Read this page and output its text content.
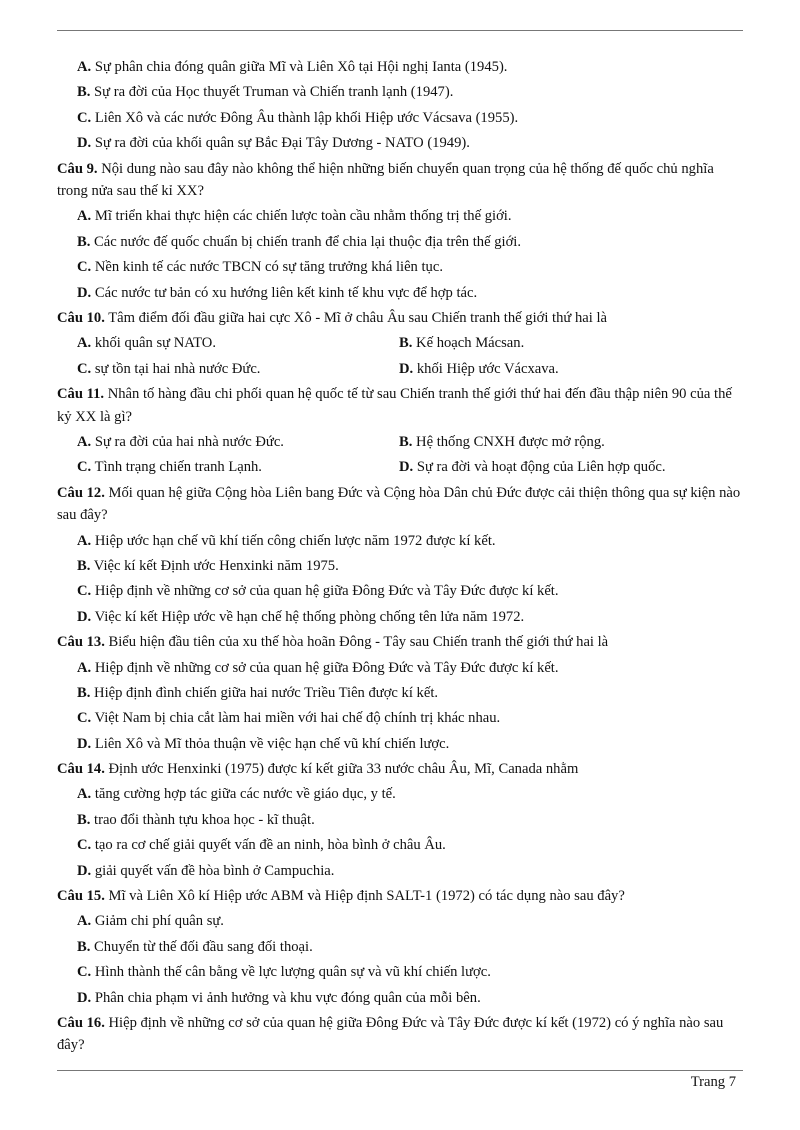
A. Sự phân chia đóng quân giữa Mĩ và Liên Xô tại Hội nghị Ianta (1945).
B. Sự ra đời của Học thuyết Truman và Chiến tranh lạnh (1947).
C. Liên Xô và các nước Đông Âu thành lập khối Hiệp ước Vácsava (1955).
D. Sự ra đời của khối quân sự Bắc Đại Tây Dương - NATO (1949).
Câu 9. Nội dung nào sau đây nào không thể hiện những biến chuyển quan trọng của hệ thống đế quốc chủ nghĩa trong nửa sau thế kỉ XX?
A. Mĩ triển khai thực hiện các chiến lược toàn cầu nhằm thống trị thế giới.
B. Các nước đế quốc chuẩn bị chiến tranh để chia lại thuộc địa trên thế giới.
C. Nền kinh tế các nước TBCN có sự tăng trưởng khá liên tục.
D. Các nước tư bản có xu hướng liên kết kinh tế khu vực để hợp tác.
Câu 10. Tâm điểm đối đầu giữa hai cực Xô - Mĩ ở châu Âu sau Chiến tranh thế giới thứ hai là
A. khối quân sự NATO.	B. Kế hoạch Mácsan.
C. sự tồn tại hai nhà nước Đức.	D. khối Hiệp ước Vácxava.
Câu 11. Nhân tố hàng đầu chi phối quan hệ quốc tế từ sau Chiến tranh thế giới thứ hai đến đầu thập niên 90 của thế kỷ XX là gì?
A. Sự ra đời của hai nhà nước Đức.	B. Hệ thống CNXH được mở rộng.
C. Tình trạng chiến tranh Lạnh.	D. Sự ra đời và hoạt động của Liên hợp quốc.
Câu 12. Mối quan hệ giữa Cộng hòa Liên bang Đức và Cộng hòa Dân chủ Đức được cải thiện thông qua sự kiện nào sau đây?
A. Hiệp ước hạn chế vũ khí tiến công chiến lược năm 1972 được kí kết.
B. Việc kí kết Định ước Henxinki năm 1975.
C. Hiệp định về những cơ sở của quan hệ giữa Đông Đức và Tây Đức được kí kết.
D. Việc kí kết Hiệp ước về hạn chế hệ thống phòng chống tên lửa năm 1972.
Câu 13. Biểu hiện đầu tiên của xu thế hòa hoãn Đông - Tây sau Chiến tranh thế giới thứ hai là
A. Hiệp định về những cơ sở của quan hệ giữa Đông Đức và Tây Đức được kí kết.
B. Hiệp định đình chiến giữa hai nước Triều Tiên được kí kết.
C. Việt Nam bị chia cắt làm hai miền với hai chế độ chính trị khác nhau.
D. Liên Xô và Mĩ thỏa thuận về việc hạn chế vũ khí chiến lược.
Câu 14. Định ước Henxinki (1975) được kí kết giữa 33 nước châu Âu, Mĩ, Canada nhằm
A. tăng cường hợp tác giữa các nước về giáo dục, y tế.
B. trao đổi thành tựu khoa học - kĩ thuật.
C. tạo ra cơ chế giải quyết vấn đề an ninh, hòa bình ở châu Âu.
D. giải quyết vấn đề hòa bình ở Campuchia.
Câu 15. Mĩ và Liên Xô kí Hiệp ước ABM và Hiệp định SALT-1 (1972) có tác dụng nào sau đây?
A. Giảm chi phí quân sự.
B. Chuyển từ thế đối đầu sang đối thoại.
C. Hình thành thế cân bằng về lực lượng quân sự và vũ khí chiến lược.
D. Phân chia phạm vi ảnh hưởng và khu vực đóng quân của mỗi bên.
Câu 16. Hiệp định về những cơ sở của quan hệ giữa Đông Đức và Tây Đức được kí kết (1972) có ý nghĩa nào sau đây?
Trang 7
